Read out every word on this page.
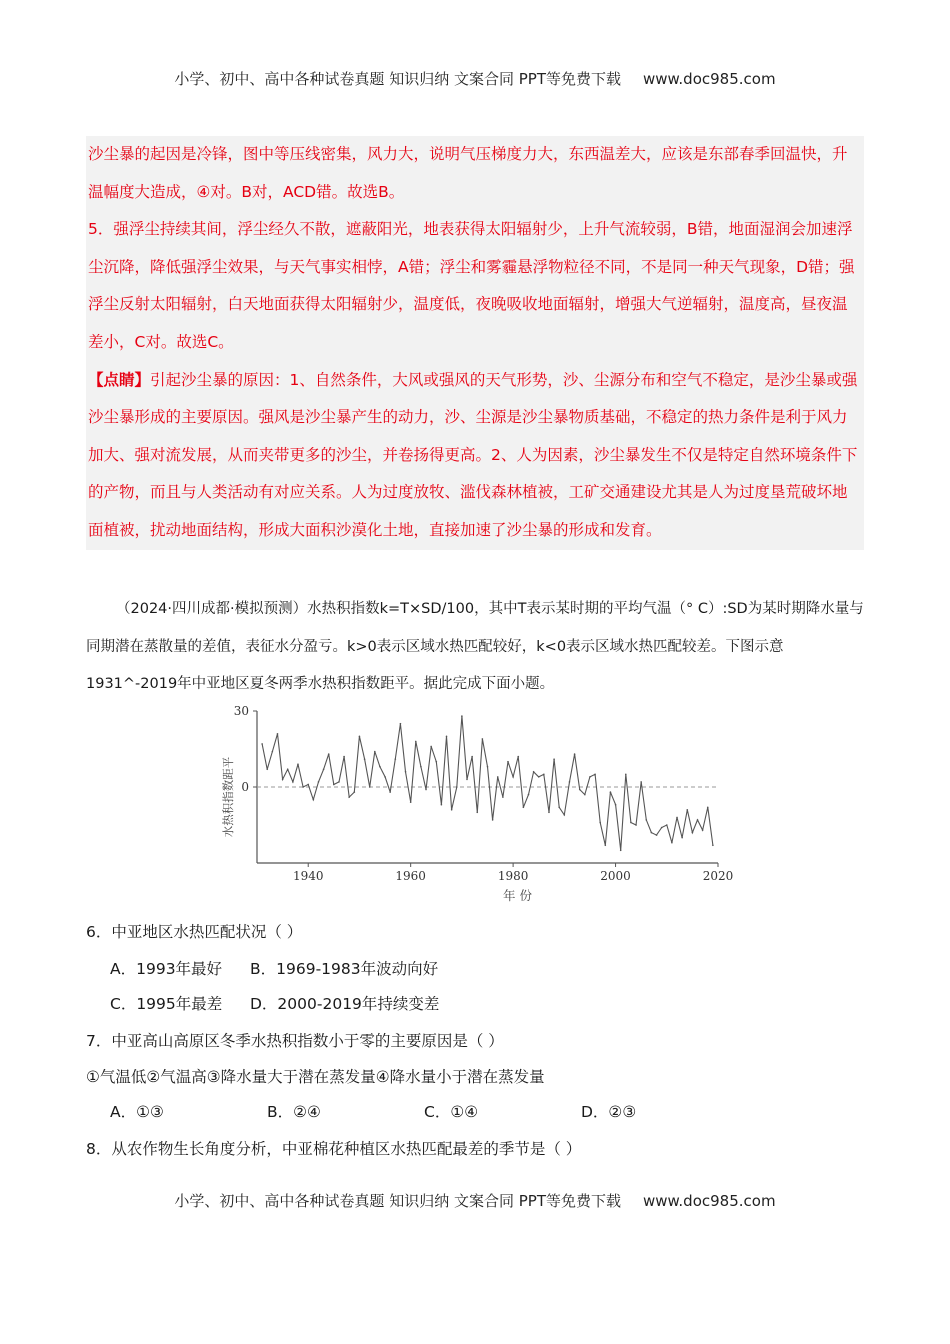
小学、初中、高中各种试卷真题 知识归纳 文案合同 PPT等免费下载 www.doc985.com

沙尘暴的起因是冷锋，图中等压线密集，风力大，说明气压梯度力大，东西温差大，应该是东部春季回温快，升温幅度大造成，④对。B对，ACD错。故选B。

5．强浮尘持续其间，浮尘经久不散，遮蔽阳光，地表获得太阳辐射少，上升气流较弱，B错，地面湿润会加速浮尘沉降，降低强浮尘效果，与天气事实相悖，A错；浮尘和雾霾悬浮物粒径不同，不是同一种天气现象，D错；强浮尘反射太阳辐射，白天地面获得太阳辐射少，温度低，夜晚吸收地面辐射，增强大气逆辐射，温度高，昼夜温差小，C对。故选C。

【点睛】引起沙尘暴的原因：1、自然条件，大风或强风的天气形势，沙、尘源分布和空气不稳定，是沙尘暴或强沙尘暴形成的主要原因。强风是沙尘暴产生的动力，沙、尘源是沙尘暴物质基础，不稳定的热力条件是利于风力加大、强对流发展，从而夹带更多的沙尘，并卷扬得更高。2、人为因素，沙尘暴发生不仅是特定自然环境条件下的产物，而且与人类活动有对应关系。人为过度放牧、滥伐森林植被，工矿交通建设尤其是人为过度垦荒破坏地面植被，扰动地面结构，形成大面积沙漠化土地，直接加速了沙尘暴的形成和发育。

（2024·四川成都·模拟预测）水热积指数k=T×SD/100，其中T表示某时期的平均气温（° C）:SD为某时期降水量与同期潜在蒸散量的差值，表征水分盈亏。k>0表示区域水热匹配较好，k<0表示区域水热匹配较差。下图示意1931^-2019年中亚地区夏冬两季水热积指数距平。据此完成下面小题。

30
0
1940	1960	1980	2000	2020
水热积指数距平
年 份
6．中亚地区水热匹配状况（ ）
A．1993年最好 B．1969-1983年波动向好
C．1995年最差 D．2000-2019年持续变差
7．中亚高山高原区冬季水热积指数小于零的主要原因是（ ）
①气温低②气温高③降水量大于潜在蒸发量④降水量小于潜在蒸发量
A．①③	B．②④	C．①④	D．②③
8．从农作物生长角度分析，中亚棉花种植区水热匹配最差的季节是（ ）
小学、初中、高中各种试卷真题 知识归纳 文案合同 PPT等免费下载 www.doc985.com
